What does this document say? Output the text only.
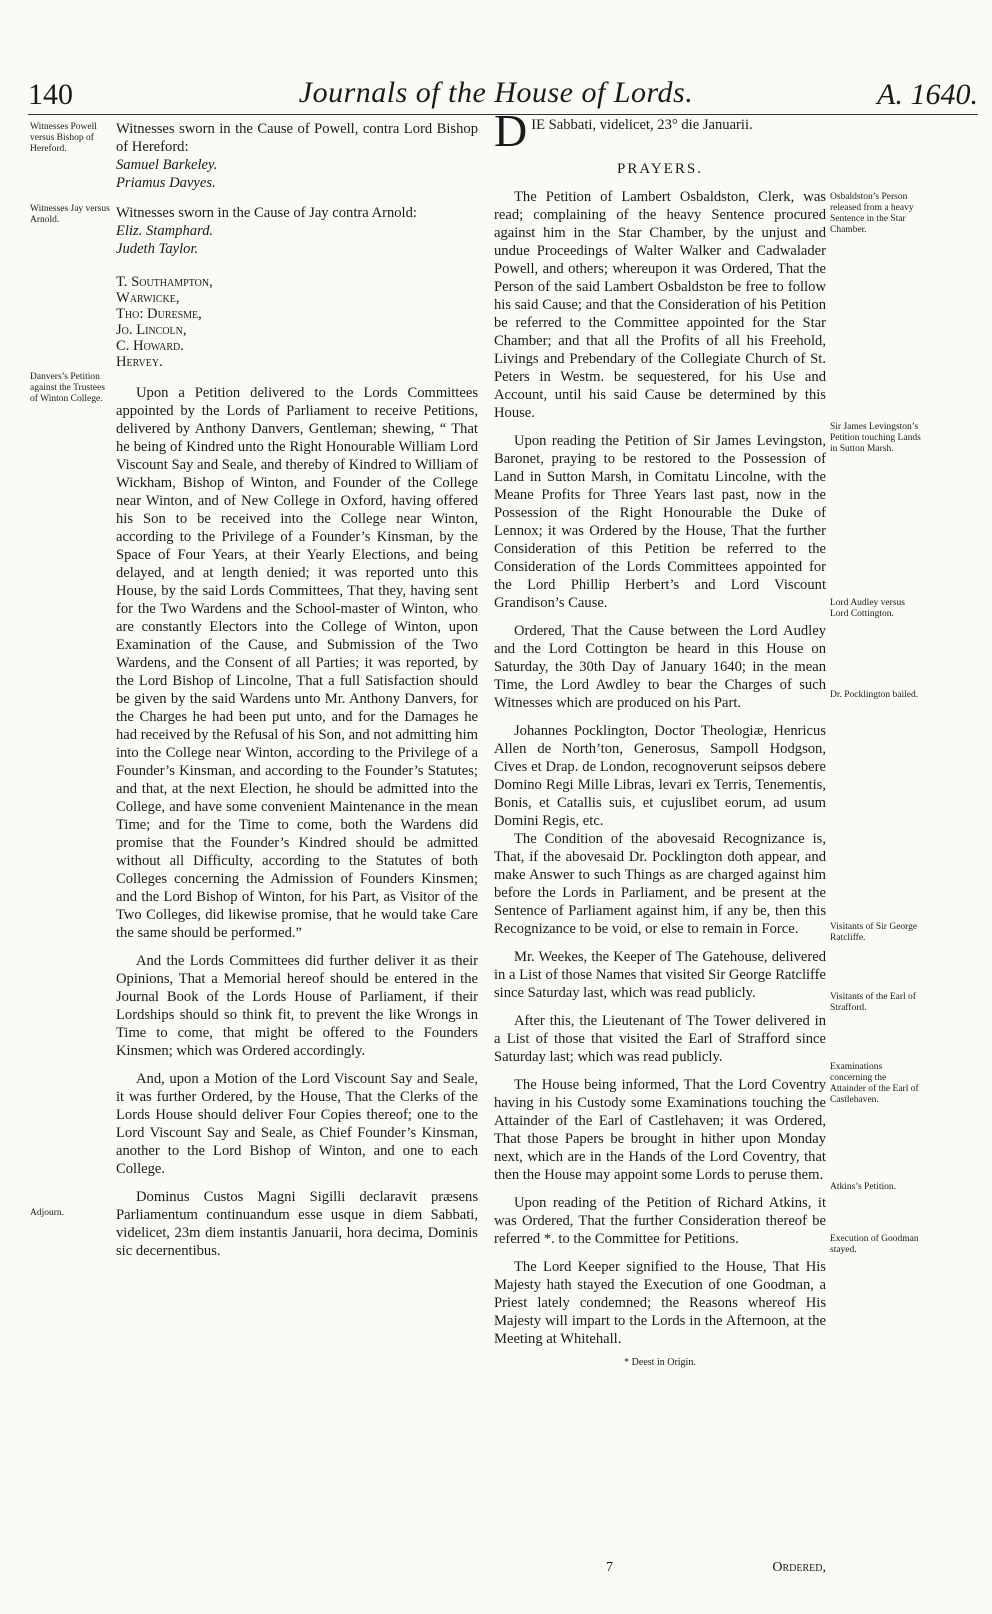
140	Journals of the House of Lords.	A. 1640.
Witnesses Powell versus Bishop of Hereford.
Witnesses Jay versus Arnold.
Danvers’s Petition against the Trustees of Winton College.
Adjourn.

Witnesses sworn in the Cause of Powell, contra Lord Bishop of Hereford:

Samuel Barkeley.
Priamus Davyes.

Witnesses sworn in the Cause of Jay contra Arnold:

Eliz. Stamphard.
Judeth Taylor.
T. Southampton,
Warwicke,
Tho: Duresme,
Jo. Lincoln,
C. Howard.
Hervey.

Upon a Petition delivered to the Lords Committees appointed by the Lords of Parliament to receive Petitions, delivered by Anthony Danvers, Gentleman; shewing, “ That he being of Kindred unto the Right Honourable William Lord Viscount Say and Seale, and thereby of Kindred to William of Wickham, Bishop of Winton, and Founder of the College near Winton, and of New College in Oxford, having offered his Son to be received into the College near Winton, according to the Privilege of a Founder’s Kinsman, by the Space of Four Years, at their Yearly Elections, and being delayed, and at length denied; it was reported unto this House, by the said Lords Committees, That they, having sent for the Two Wardens and the School-master of Winton, who are constantly Electors into the College of Winton, upon Examination of the Cause, and Submission of the Two Wardens, and the Consent of all Parties; it was reported, by the Lord Bishop of Lincolne, That a full Satisfaction should be given by the said Wardens unto Mr. Anthony Danvers, for the Charges he had been put unto, and for the Damages he had received by the Refusal of his Son, and not admitting him into the College near Winton, according to the Privilege of a Founder’s Kinsman, and according to the Founder’s Statutes; and that, at the next Election, he should be admitted into the College, and have some convenient Maintenance in the mean Time; and for the Time to come, both the Wardens did promise that the Founder’s Kindred should be admitted without all Difficulty, according to the Statutes of both Colleges concerning the Admission of Founders Kinsmen; and the Lord Bishop of Winton, for his Part, as Visitor of the Two Colleges, did likewise promise, that he would take Care the same should be performed.”

And the Lords Committees did further deliver it as their Opinions, That a Memorial hereof should be entered in the Journal Book of the Lords House of Parliament, if their Lordships should so think fit, to prevent the like Wrongs in Time to come, that might be offered to the Founders Kinsmen; which was Ordered accordingly.

And, upon a Motion of the Lord Viscount Say and Seale, it was further Ordered, by the House, That the Clerks of the Lords House should deliver Four Copies thereof; one to the Lord Viscount Say and Seale, as Chief Founder’s Kinsman, another to the Lord Bishop of Winton, and one to each College.

Dominus Custos Magni Sigilli declaravit præsens Parliamentum continuandum esse usque in diem Sabbati, videlicet, 23m diem instantis Januarii, hora decima, Dominis sic decernentibus.

D IE Sabbati, videlicet, 23° die Januarii.
PRAYERS.

The Petition of Lambert Osbaldston, Clerk, was read; complaining of the heavy Sentence procured against him in the Star Chamber, by the unjust and undue Proceedings of Walter Walker and Cadwalader Powell, and others; whereupon it was Ordered, That the Person of the said Lambert Osbaldston be free to follow his said Cause; and that the Consideration of his Petition be referred to the Committee appointed for the Star Chamber; and that all the Profits of all his Freehold, Livings and Prebendary of the Collegiate Church of St. Peters in Westm. be sequestered, for his Use and Account, until his said Cause be determined by this House.

Upon reading the Petition of Sir James Levingston, Baronet, praying to be restored to the Possession of Land in Sutton Marsh, in Comitatu Lincolne, with the Meane Profits for Three Years last past, now in the Possession of the Right Honourable the Duke of Lennox; it was Ordered by the House, That the further Consideration of this Petition be referred to the Consideration of the Lords Committees appointed for the Lord Phillip Herbert’s and Lord Viscount Grandison’s Cause.

Ordered, That the Cause between the Lord Audley and the Lord Cottington be heard in this House on Saturday, the 30th Day of January 1640; in the mean Time, the Lord Awdley to bear the Charges of such Witnesses which are produced on his Part.

Johannes Pocklington, Doctor Theologiæ, Henricus Allen de North’ton, Generosus, Sampoll Hodgson, Cives et Drap. de London, recognoverunt seipsos debere Domino Regi Mille Libras, levari ex Terris, Tenementis, Bonis, et Catallis suis, et cujuslibet eorum, ad usum Domini Regis, etc.

The Condition of the abovesaid Recognizance is, That, if the abovesaid Dr. Pocklington doth appear, and make Answer to such Things as are charged against him before the Lords in Parliament, and be present at the Sentence of Parliament against him, if any be, then this Recognizance to be void, or else to remain in Force.

Mr. Weekes, the Keeper of The Gatehouse, delivered in a List of those Names that visited Sir George Ratcliffe since Saturday last, which was read publicly.

After this, the Lieutenant of The Tower delivered in a List of those that visited the Earl of Strafford since Saturday last; which was read publicly.

The House being informed, That the Lord Coventry having in his Custody some Examinations touching the Attainder of the Earl of Castlehaven; it was Ordered, That those Papers be brought in hither upon Monday next, which are in the Hands of the Lord Coventry, that then the House may appoint some Lords to peruse them.

Upon reading of the Petition of Richard Atkins, it was Ordered, That the further Consideration thereof be referred *. to the Committee for Petitions.

The Lord Keeper signified to the House, That His Majesty hath stayed the Execution of one Goodman, a Priest lately condemned; the Reasons whereof His Majesty will impart to the Lords in the Afternoon, at the Meeting at Whitehall.

* Deest in Origin.
Osbaldston’s Person released from a heavy Sentence in the Star Chamber.
Sir James Levingston’s Petition touching Lands in Sutton Marsh.
Lord Audley versus Lord Cottington.
Dr. Pocklington bailed.
Visitants of Sir George Ratcliffe.
Visitants of the Earl of Strafford.
Examinations concerning the Attainder of the Earl of Castlehaven.
Atkins’s Petition.
Execution of Goodman stayed.
7	Ordered,
